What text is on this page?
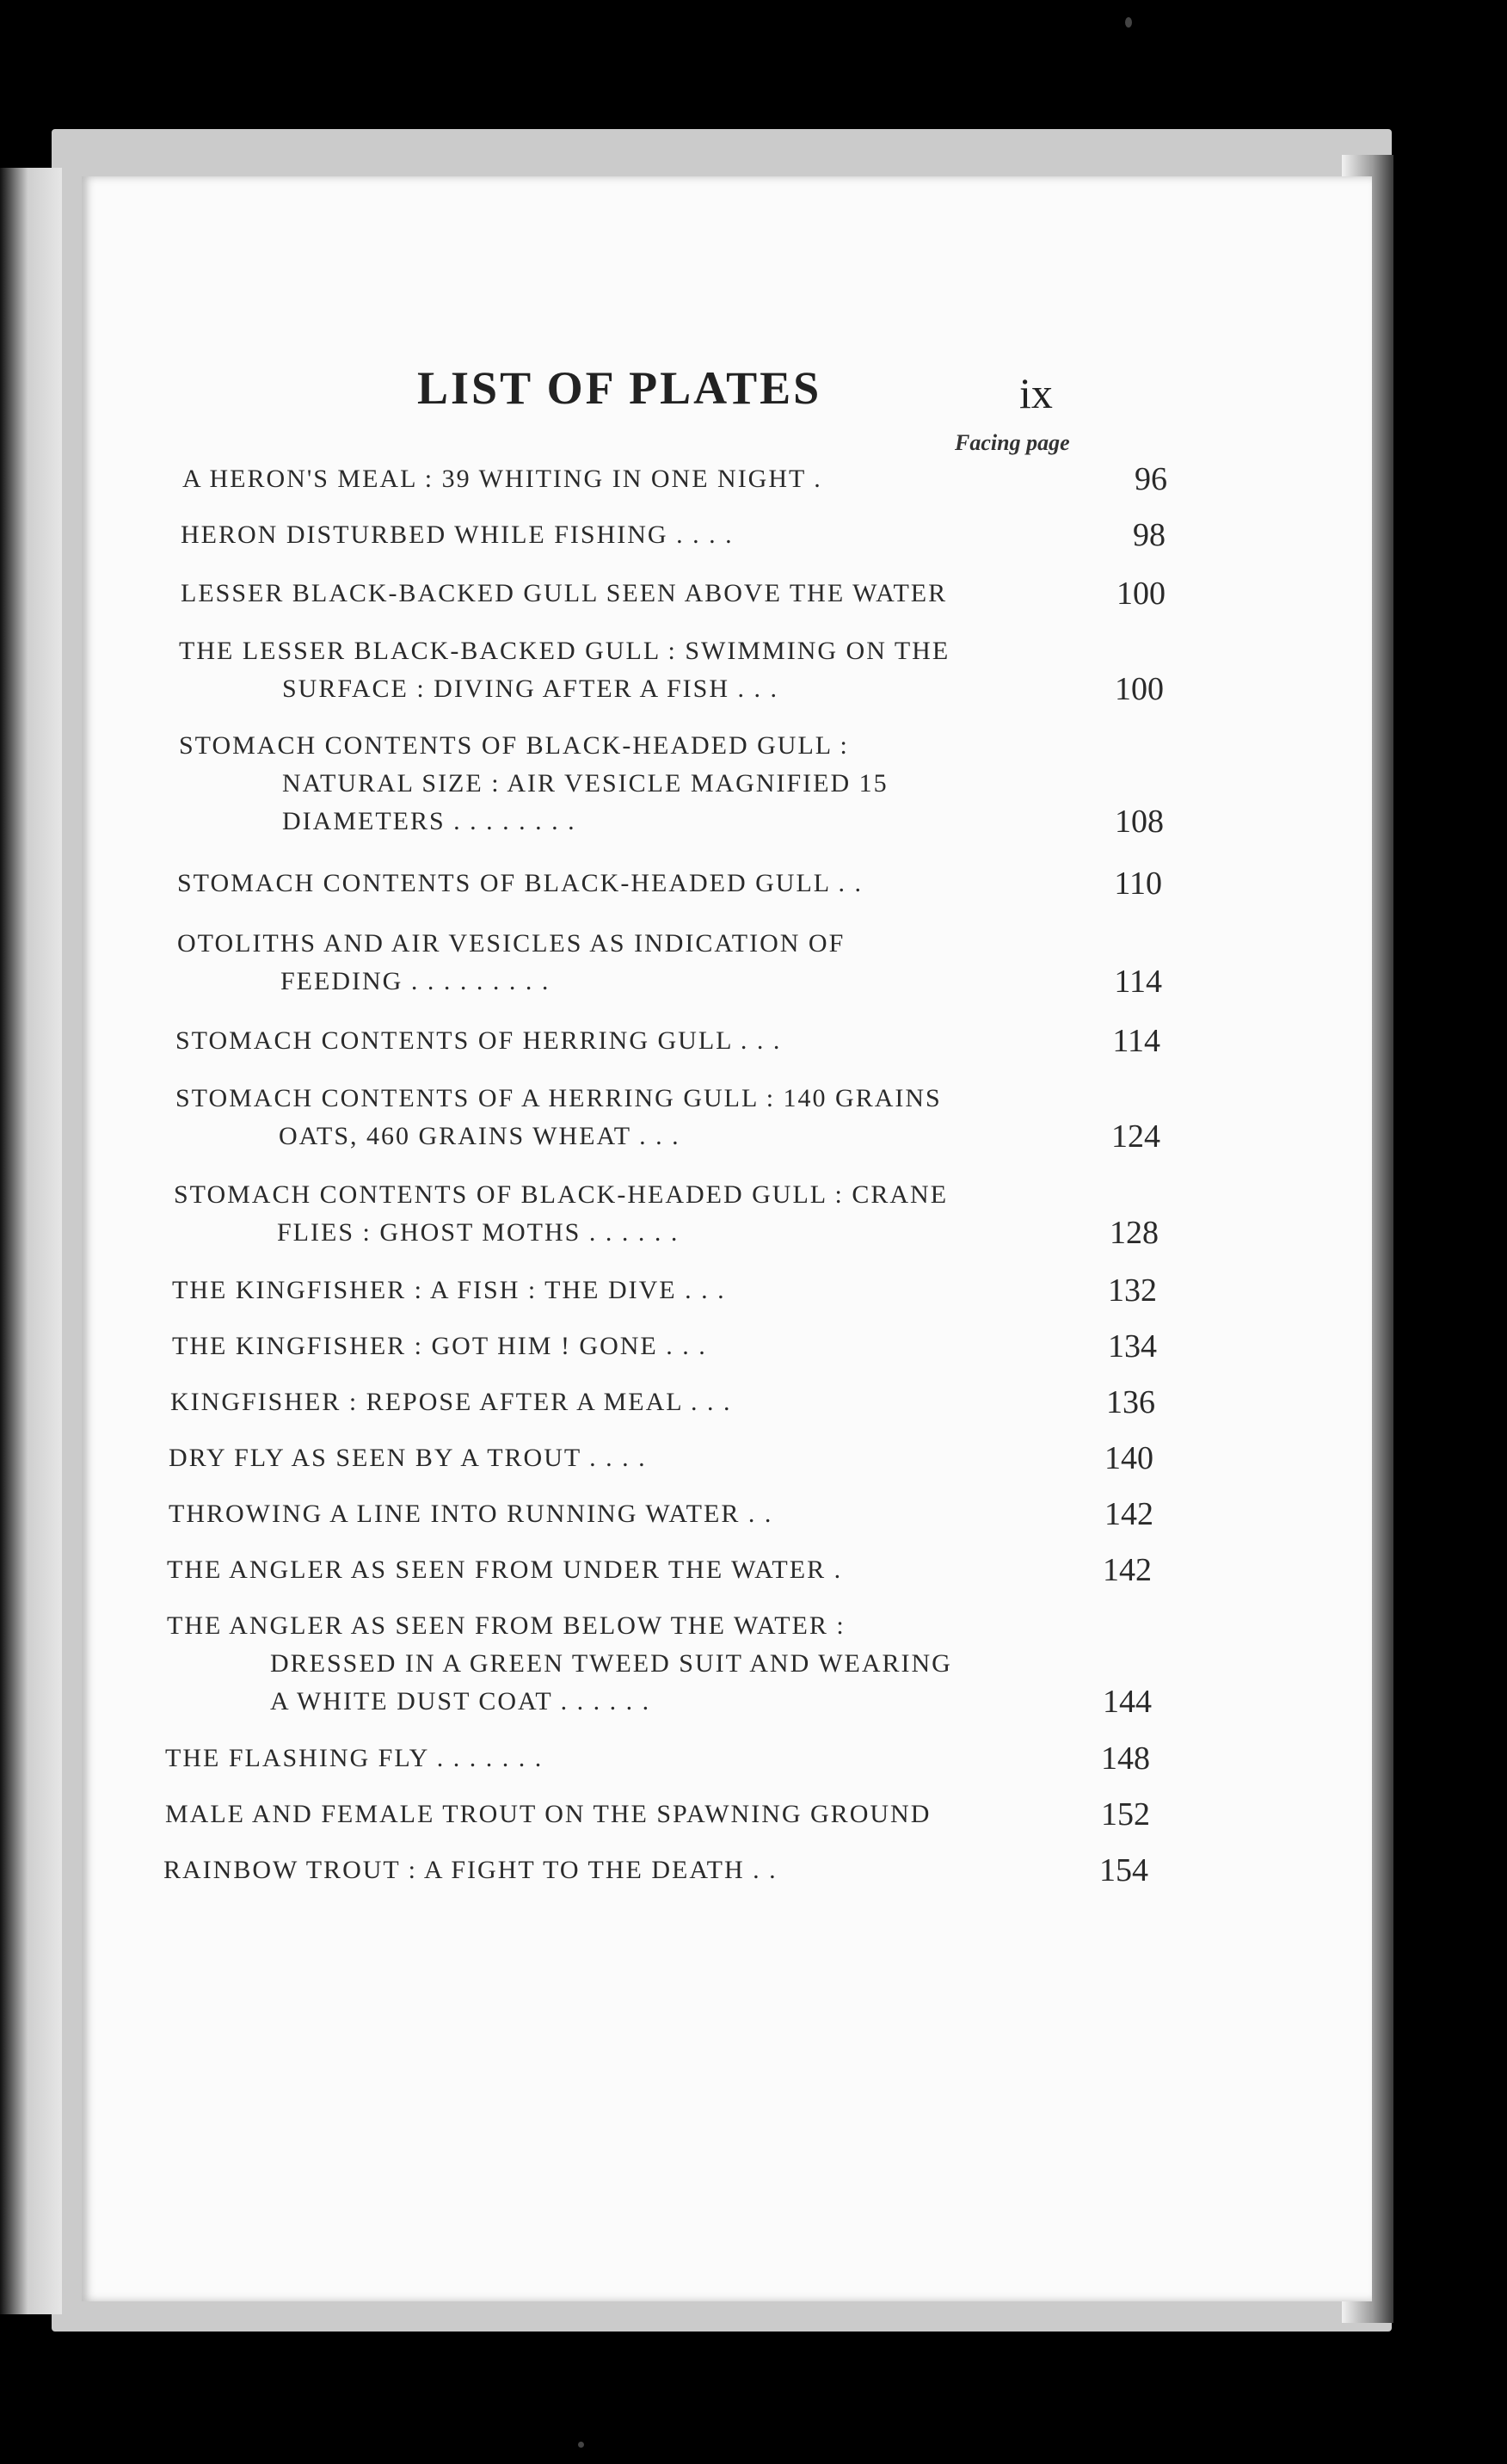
LIST OF PLATES	ix
Facing page
A HERON'S MEAL : 39 WHITING IN ONE NIGHT .	96
HERON DISTURBED WHILE FISHING . . . .	98
LESSER BLACK-BACKED GULL SEEN ABOVE THE WATER	100
THE LESSER BLACK-BACKED GULL : SWIMMING ON THE
SURFACE : DIVING AFTER A FISH . . .	100
STOMACH CONTENTS OF BLACK-HEADED GULL :
NATURAL SIZE : AIR VESICLE MAGNIFIED 15
DIAMETERS . . . . . . . .	108
STOMACH CONTENTS OF BLACK-HEADED GULL . .	110
OTOLITHS AND AIR VESICLES AS INDICATION OF
FEEDING . . . . . . . . .	114
STOMACH CONTENTS OF HERRING GULL . . .	114
STOMACH CONTENTS OF A HERRING GULL : 140 GRAINS
OATS, 460 GRAINS WHEAT . . .	124
STOMACH CONTENTS OF BLACK-HEADED GULL : CRANE
FLIES : GHOST MOTHS . . . . . .	128
THE KINGFISHER : A FISH : THE DIVE . . .	132
THE KINGFISHER : GOT HIM ! GONE . . .	134
KINGFISHER : REPOSE AFTER A MEAL . . .	136
DRY FLY AS SEEN BY A TROUT . . . .	140
THROWING A LINE INTO RUNNING WATER . .	142
THE ANGLER AS SEEN FROM UNDER THE WATER .	142
THE ANGLER AS SEEN FROM BELOW THE WATER :
DRESSED IN A GREEN TWEED SUIT AND WEARING
A WHITE DUST COAT . . . . . .	144
THE FLASHING FLY . . . . . . .	148
MALE AND FEMALE TROUT ON THE SPAWNING GROUND	152
RAINBOW TROUT : A FIGHT TO THE DEATH . .	154
